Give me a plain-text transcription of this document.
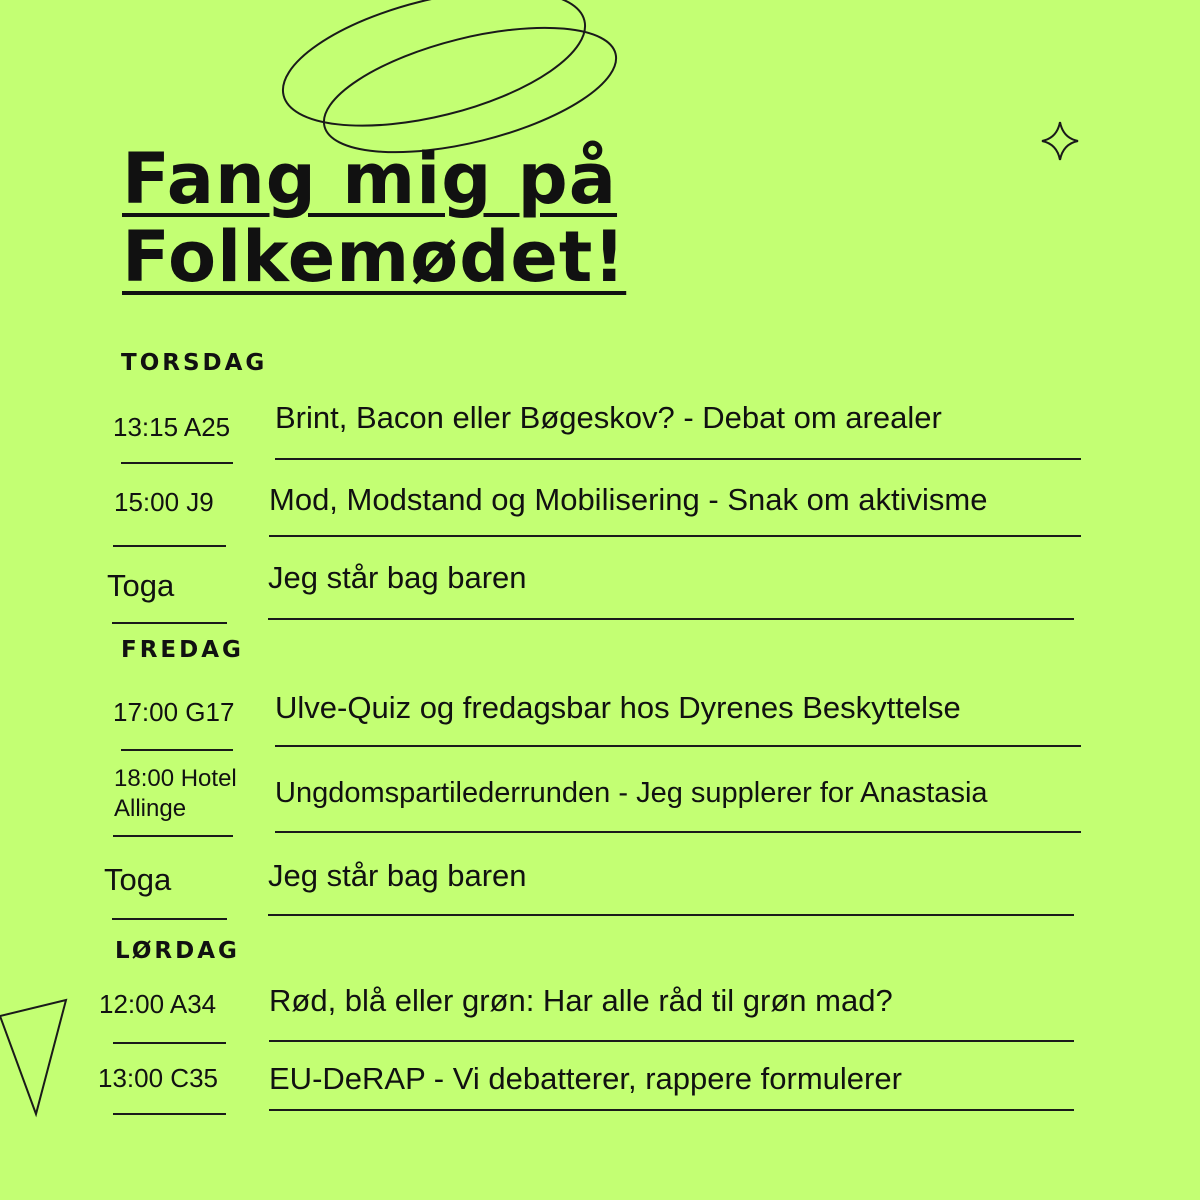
Fang mig på
Folkemødet!
TORSDAG
13:15 A25 Brint, Bacon eller Bøgeskov? - Debat om arealer
15:00 J9 Mod, Modstand og Mobilisering - Snak om aktivisme
Toga	Jeg står bag baren
FREDAG
17:00 G17 Ulve-Quiz og fredagsbar hos Dyrenes Beskyttelse
18:00 Hotel
Allinge	Ungdomspartilederrunden - Jeg supplerer for Anastasia
Toga	Jeg står bag baren
LØRDAG
12:00 A34 Rød, blå eller grøn: Har alle råd til grøn mad?
13:00 C35 EU-DeRAP - Vi debatterer, rappere formulerer
